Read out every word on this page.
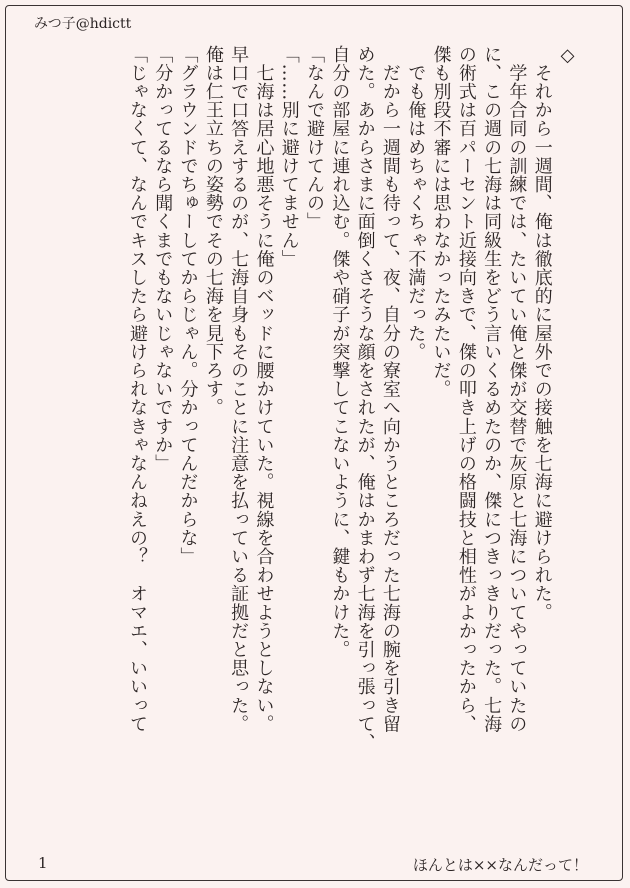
みつ子@hdictt
◇
　それから一週間、俺は徹底的に屋外での接触を七海に避けられた。
　学年合同の訓練では、たいてい俺と傑が交替で灰原と七海についてやっていたの
に、この週の七海は同級生をどう言いくるめたのか、傑につきっきりだった。七海
の術式は百パーセント近接向きで、傑の叩き上げの格闘技と相性がよかったから、
傑も別段不審には思わなかったみたいだ。
　でも俺はめちゃくちゃ不満だった。
　だから一週間も待って、夜、自分の寮室へ向かうところだった七海の腕を引き留
めた。あからさまに面倒くさそうな顔をされたが、俺はかまわず七海を引っ張って、
自分の部屋に連れ込む。傑や硝子が突撃してこないように、鍵もかけた。
「なんで避けてんの」
「……別に避けてません」
　七海は居心地悪そうに俺のベッドに腰かけていた。視線を合わせようとしない。
早口で口答えするのが、七海自身もそのことに注意を払っている証拠だと思った。
俺は仁王立ちの姿勢でその七海を見下ろす。
「グラウンドでちゅーしてからじゃん。分かってんだからな」
「分かってるなら聞くまでもないじゃないですか」
「じゃなくて、なんでキスしたら避けられなきゃなんねえの？　オマエ、いいって
1	ほんとは××なんだって！
